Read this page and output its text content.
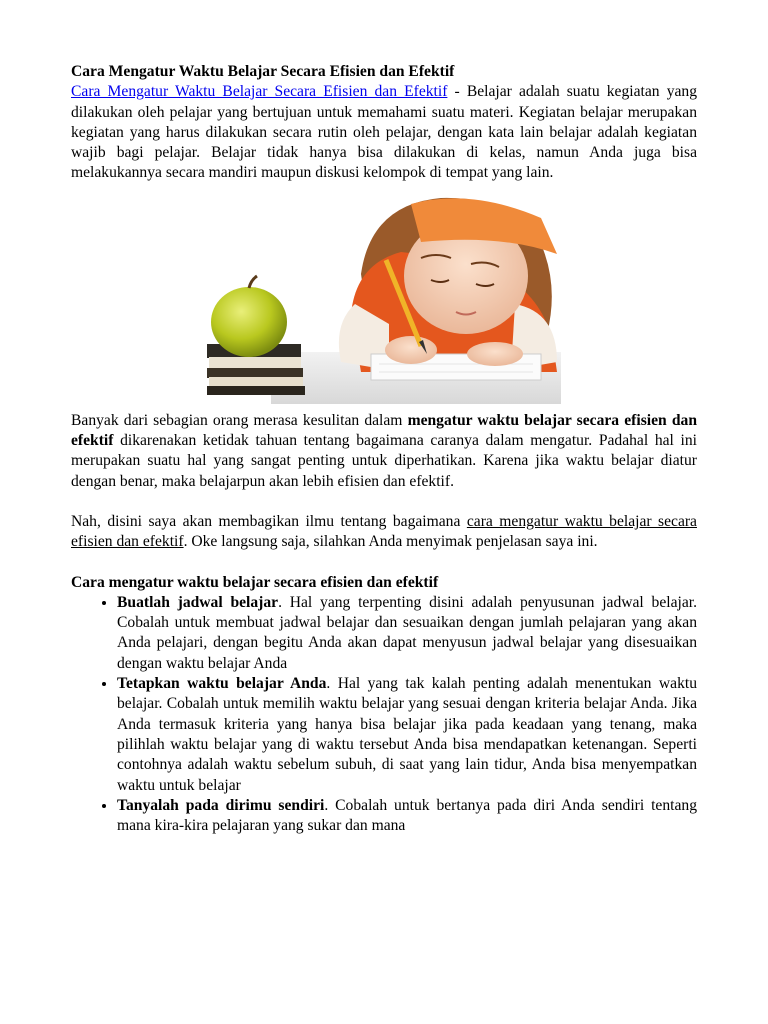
Cara Mengatur Waktu Belajar Secara Efisien dan Efektif

Cara Mengatur Waktu Belajar Secara Efisien dan Efektif - Belajar adalah suatu kegiatan yang dilakukan oleh pelajar yang bertujuan untuk memahami suatu materi. Kegiatan belajar merupakan kegiatan yang harus dilakukan secara rutin oleh pelajar, dengan kata lain belajar adalah kegiatan wajib bagi pelajar. Belajar tidak hanya bisa dilakukan di kelas, namun Anda juga bisa melakukannya secara mandiri maupun diskusi kelompok di tempat yang lain.

Banyak dari sebagian orang merasa kesulitan dalam mengatur waktu belajar secara efisien dan efektif dikarenakan ketidak tahuan tentang bagaimana caranya dalam mengatur. Padahal hal ini merupakan suatu hal yang sangat penting untuk diperhatikan. Karena jika waktu belajar diatur dengan benar, maka belajarpun akan lebih efisien dan efektif.

Nah, disini saya akan membagikan ilmu tentang bagaimana cara mengatur waktu belajar secara efisien dan efektif. Oke langsung saja, silahkan Anda menyimak penjelasan saya ini.

Cara mengatur waktu belajar secara efisien dan efektif

• Buatlah jadwal belajar. Hal yang terpenting disini adalah penyusunan jadwal belajar. Cobalah untuk membuat jadwal belajar dan sesuaikan dengan jumlah pelajaran yang akan Anda pelajari, dengan begitu Anda akan dapat menyusun jadwal belajar yang disesuaikan dengan waktu belajar Anda
• Tetapkan waktu belajar Anda. Hal yang tak kalah penting adalah menentukan waktu belajar. Cobalah untuk memilih waktu belajar yang sesuai dengan kriteria belajar Anda. Jika Anda termasuk kriteria yang hanya bisa belajar jika pada keadaan yang tenang, maka pilihlah waktu belajar yang di waktu tersebut Anda bisa mendapatkan ketenangan. Seperti contohnya adalah waktu sebelum subuh, di saat yang lain tidur, Anda bisa menyempatkan waktu untuk belajar
• Tanyalah pada dirimu sendiri. Cobalah untuk bertanya pada diri Anda sendiri tentang mana kira-kira pelajaran yang sukar dan mana
